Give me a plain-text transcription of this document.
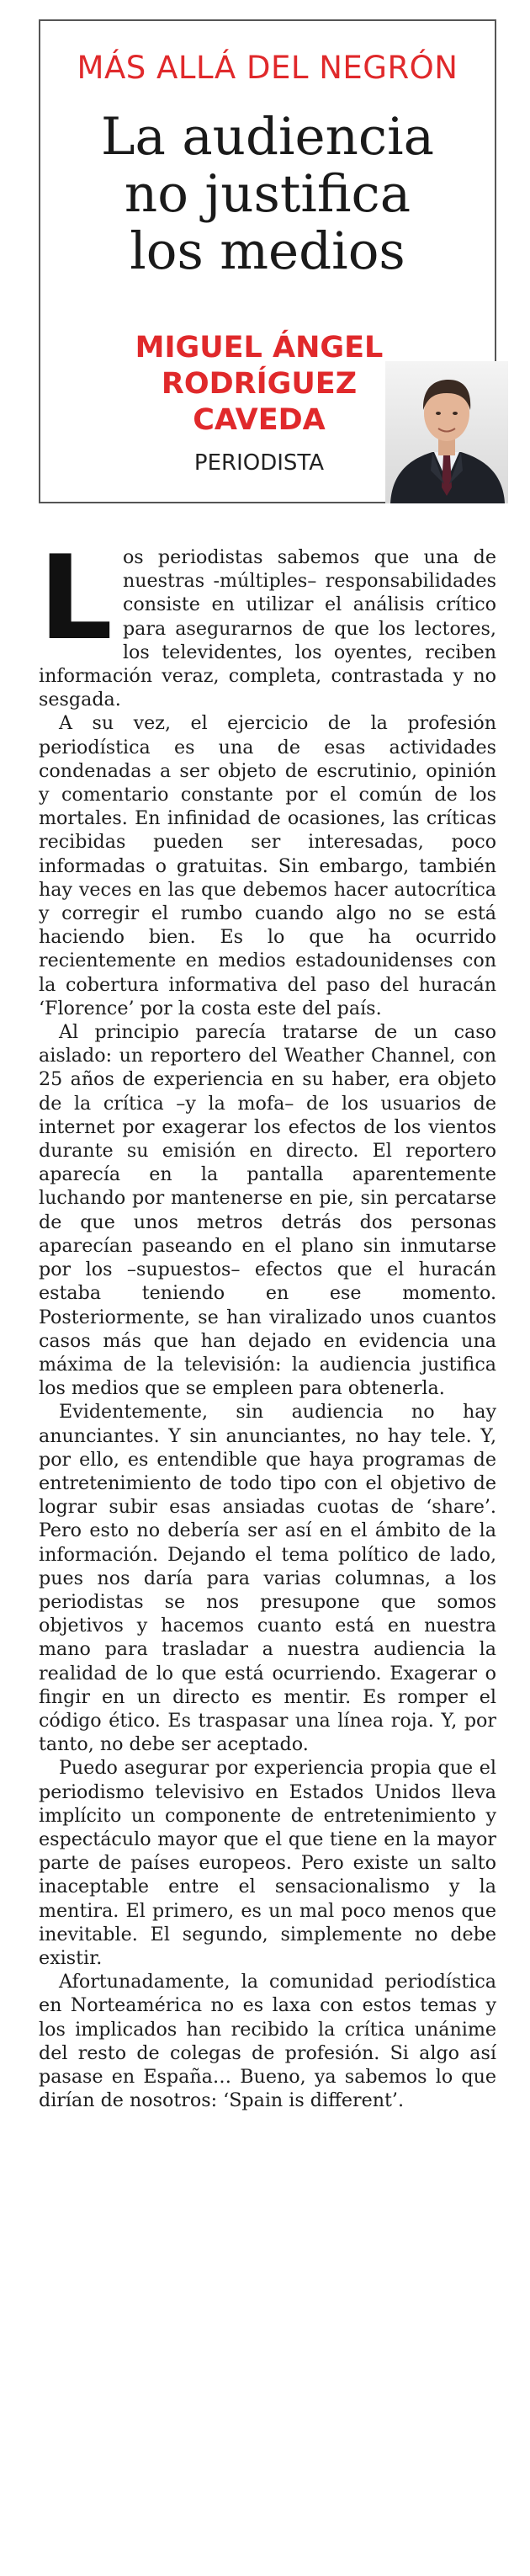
MÁS ALLÁ DEL NEGRÓN
La audiencia
no justifica
los medios
MIGUEL ÁNGEL
RODRÍGUEZ
CAVEDA
PERIODISTA

Los periodistas sabemos que una de nuestras -múltiples– responsabilidades consiste en utilizar el análisis crítico para asegurarnos de que los lectores, los televidentes, los oyentes, reciben información veraz, completa, contrastada y no sesgada.

A su vez, el ejercicio de la profesión periodística es una de esas actividades condenadas a ser objeto de escrutinio, opinión y comentario constante por el común de los mortales. En infinidad de ocasiones, las críticas recibidas pueden ser interesadas, poco informadas o gratuitas. Sin embargo, también hay veces en las que debemos hacer autocrítica y corregir el rumbo cuando algo no se está haciendo bien. Es lo que ha ocurrido recientemente en medios estadounidenses con la cobertura informativa del paso del huracán ‘Florence’ por la costa este del país.

Al principio parecía tratarse de un caso aislado: un reportero del Weather Channel, con 25 años de experiencia en su haber, era objeto de la crítica –y la mofa– de los usuarios de internet por exagerar los efectos de los vientos durante su emisión en directo. El reportero aparecía en la pantalla aparentemente luchando por mantenerse en pie, sin percatarse de que unos metros detrás dos personas aparecían paseando en el plano sin inmutarse por los –supuestos– efectos que el huracán estaba teniendo en ese momento. Posteriormente, se han viralizado unos cuantos casos más que han dejado en evidencia una máxima de la televisión: la audiencia justifica los medios que se empleen para obtenerla.

Evidentemente, sin audiencia no hay anunciantes. Y sin anunciantes, no hay tele. Y, por ello, es entendible que haya programas de entretenimiento de todo tipo con el objetivo de lograr subir esas ansiadas cuotas de ‘share’. Pero esto no debería ser así en el ámbito de la información. Dejando el tema político de lado, pues nos daría para varias columnas, a los periodistas se nos presupone que somos objetivos y hacemos cuanto está en nuestra mano para trasladar a nuestra audiencia la realidad de lo que está ocurriendo. Exagerar o fingir en un directo es mentir. Es romper el código ético. Es traspasar una línea roja. Y, por tanto, no debe ser aceptado.

Puedo asegurar por experiencia propia que el periodismo televisivo en Estados Unidos lleva implícito un componente de entretenimiento y espectáculo mayor que el que tiene en la mayor parte de países europeos. Pero existe un salto inaceptable entre el sensacionalismo y la mentira. El primero, es un mal poco menos que inevitable. El segundo, simplemente no debe existir.

Afortunadamente, la comunidad periodística en Norteamérica no es laxa con estos temas y los implicados han recibido la crítica unánime del resto de colegas de profesión. Si algo así pasase en España… Bueno, ya sabemos lo que dirían de nosotros: ‘Spain is different’.
